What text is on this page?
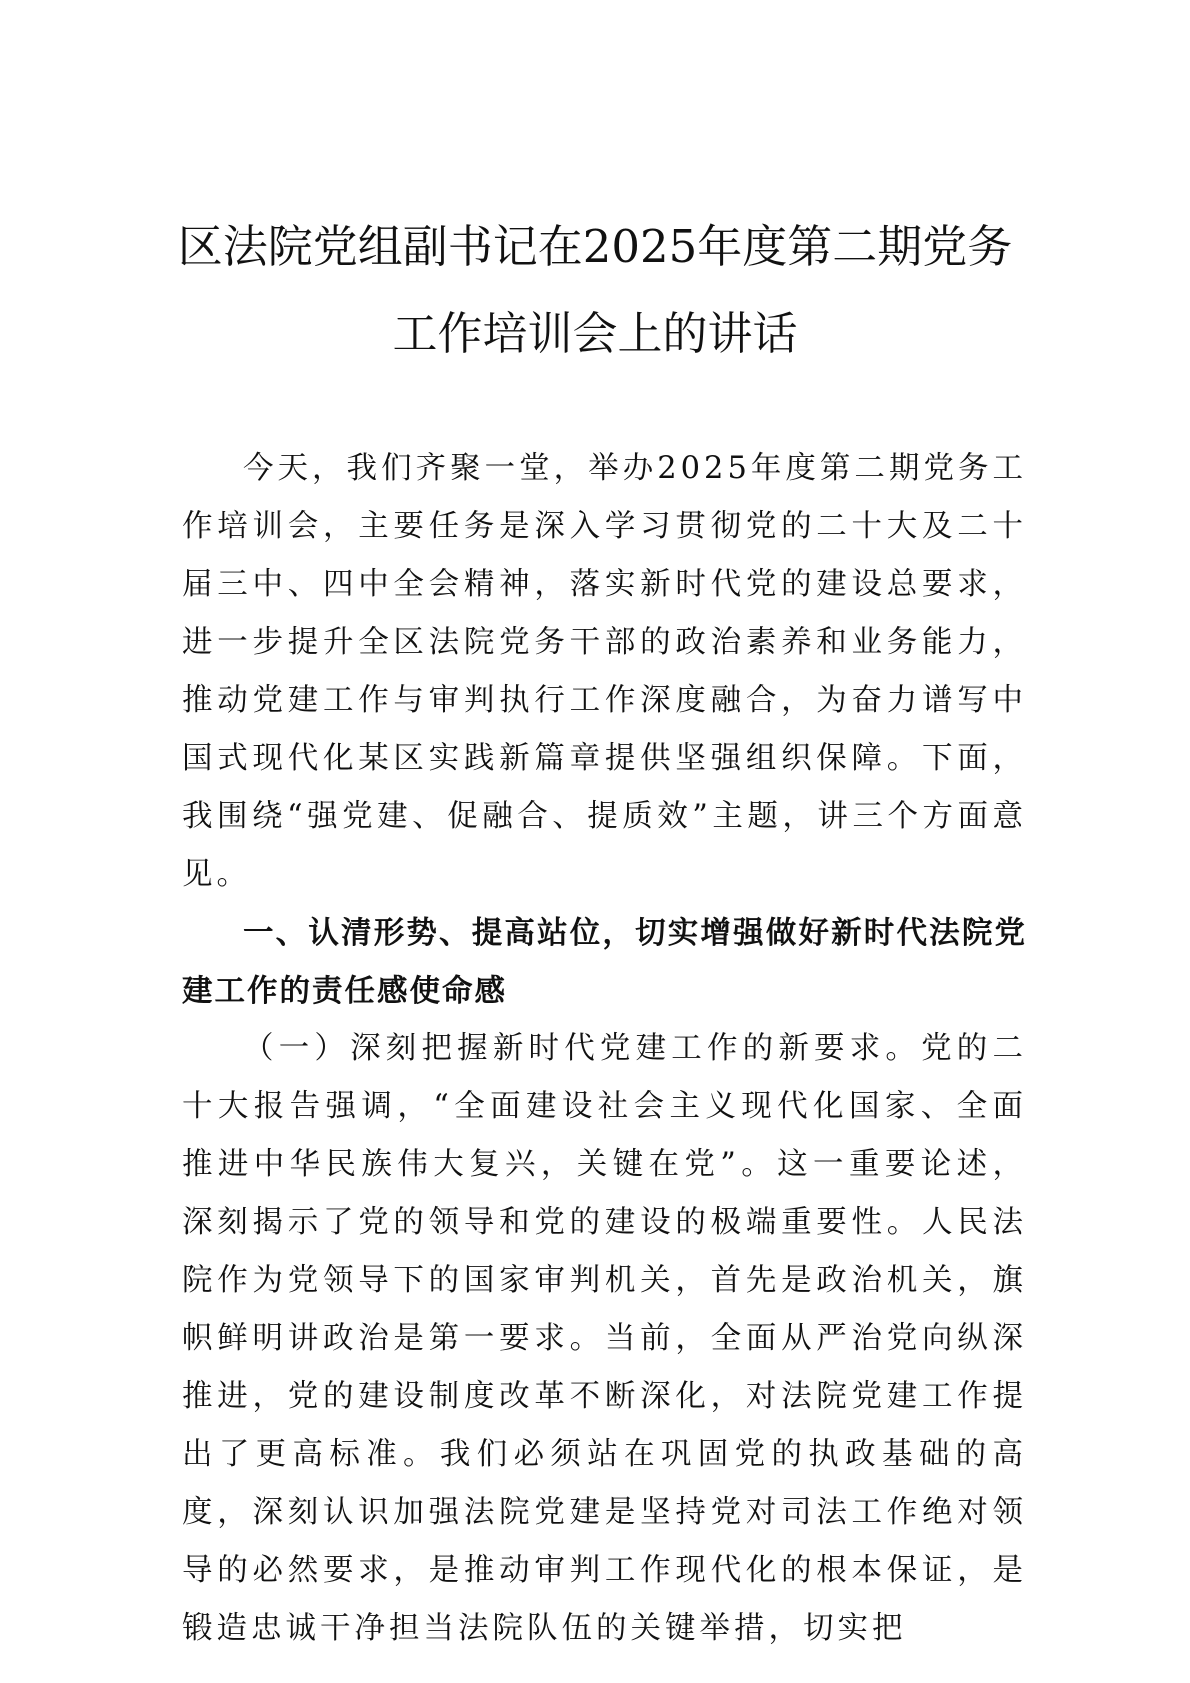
区法院党组副书记在2025年度第二期党务
工作培训会上的讲话

今天，我们齐聚一堂，举办2025年度第二期党务工作培训会，主要任务是深入学习贯彻党的二十大及二十届三中、四中全会精神，落实新时代党的建设总要求，进一步提升全区法院党务干部的政治素养和业务能力，推动党建工作与审判执行工作深度融合，为奋力谱写中国式现代化某区实践新篇章提供坚强组织保障。下面，我围绕“强党建、促融合、提质效”主题，讲三个方面意见。

一、认清形势、提高站位，切实增强做好新时代法院党建工作的责任感使命感

（一）深刻把握新时代党建工作的新要求。党的二十大报告强调，“全面建设社会主义现代化国家、全面推进中华民族伟大复兴，关键在党”。这一重要论述，深刻揭示了党的领导和党的建设的极端重要性。人民法院作为党领导下的国家审判机关，首先是政治机关，旗帜鲜明讲政治是第一要求。当前，全面从严治党向纵深推进，党的建设制度改革不断深化，对法院党建工作提出了更高标准。我们必须站在巩固党的执政基础的高度，深刻认识加强法院党建是坚持党对司法工作绝对领导的必然要求，是推动审判工作现代化的根本保证，是锻造忠诚干净担当法院队伍的关键举措，切实把
